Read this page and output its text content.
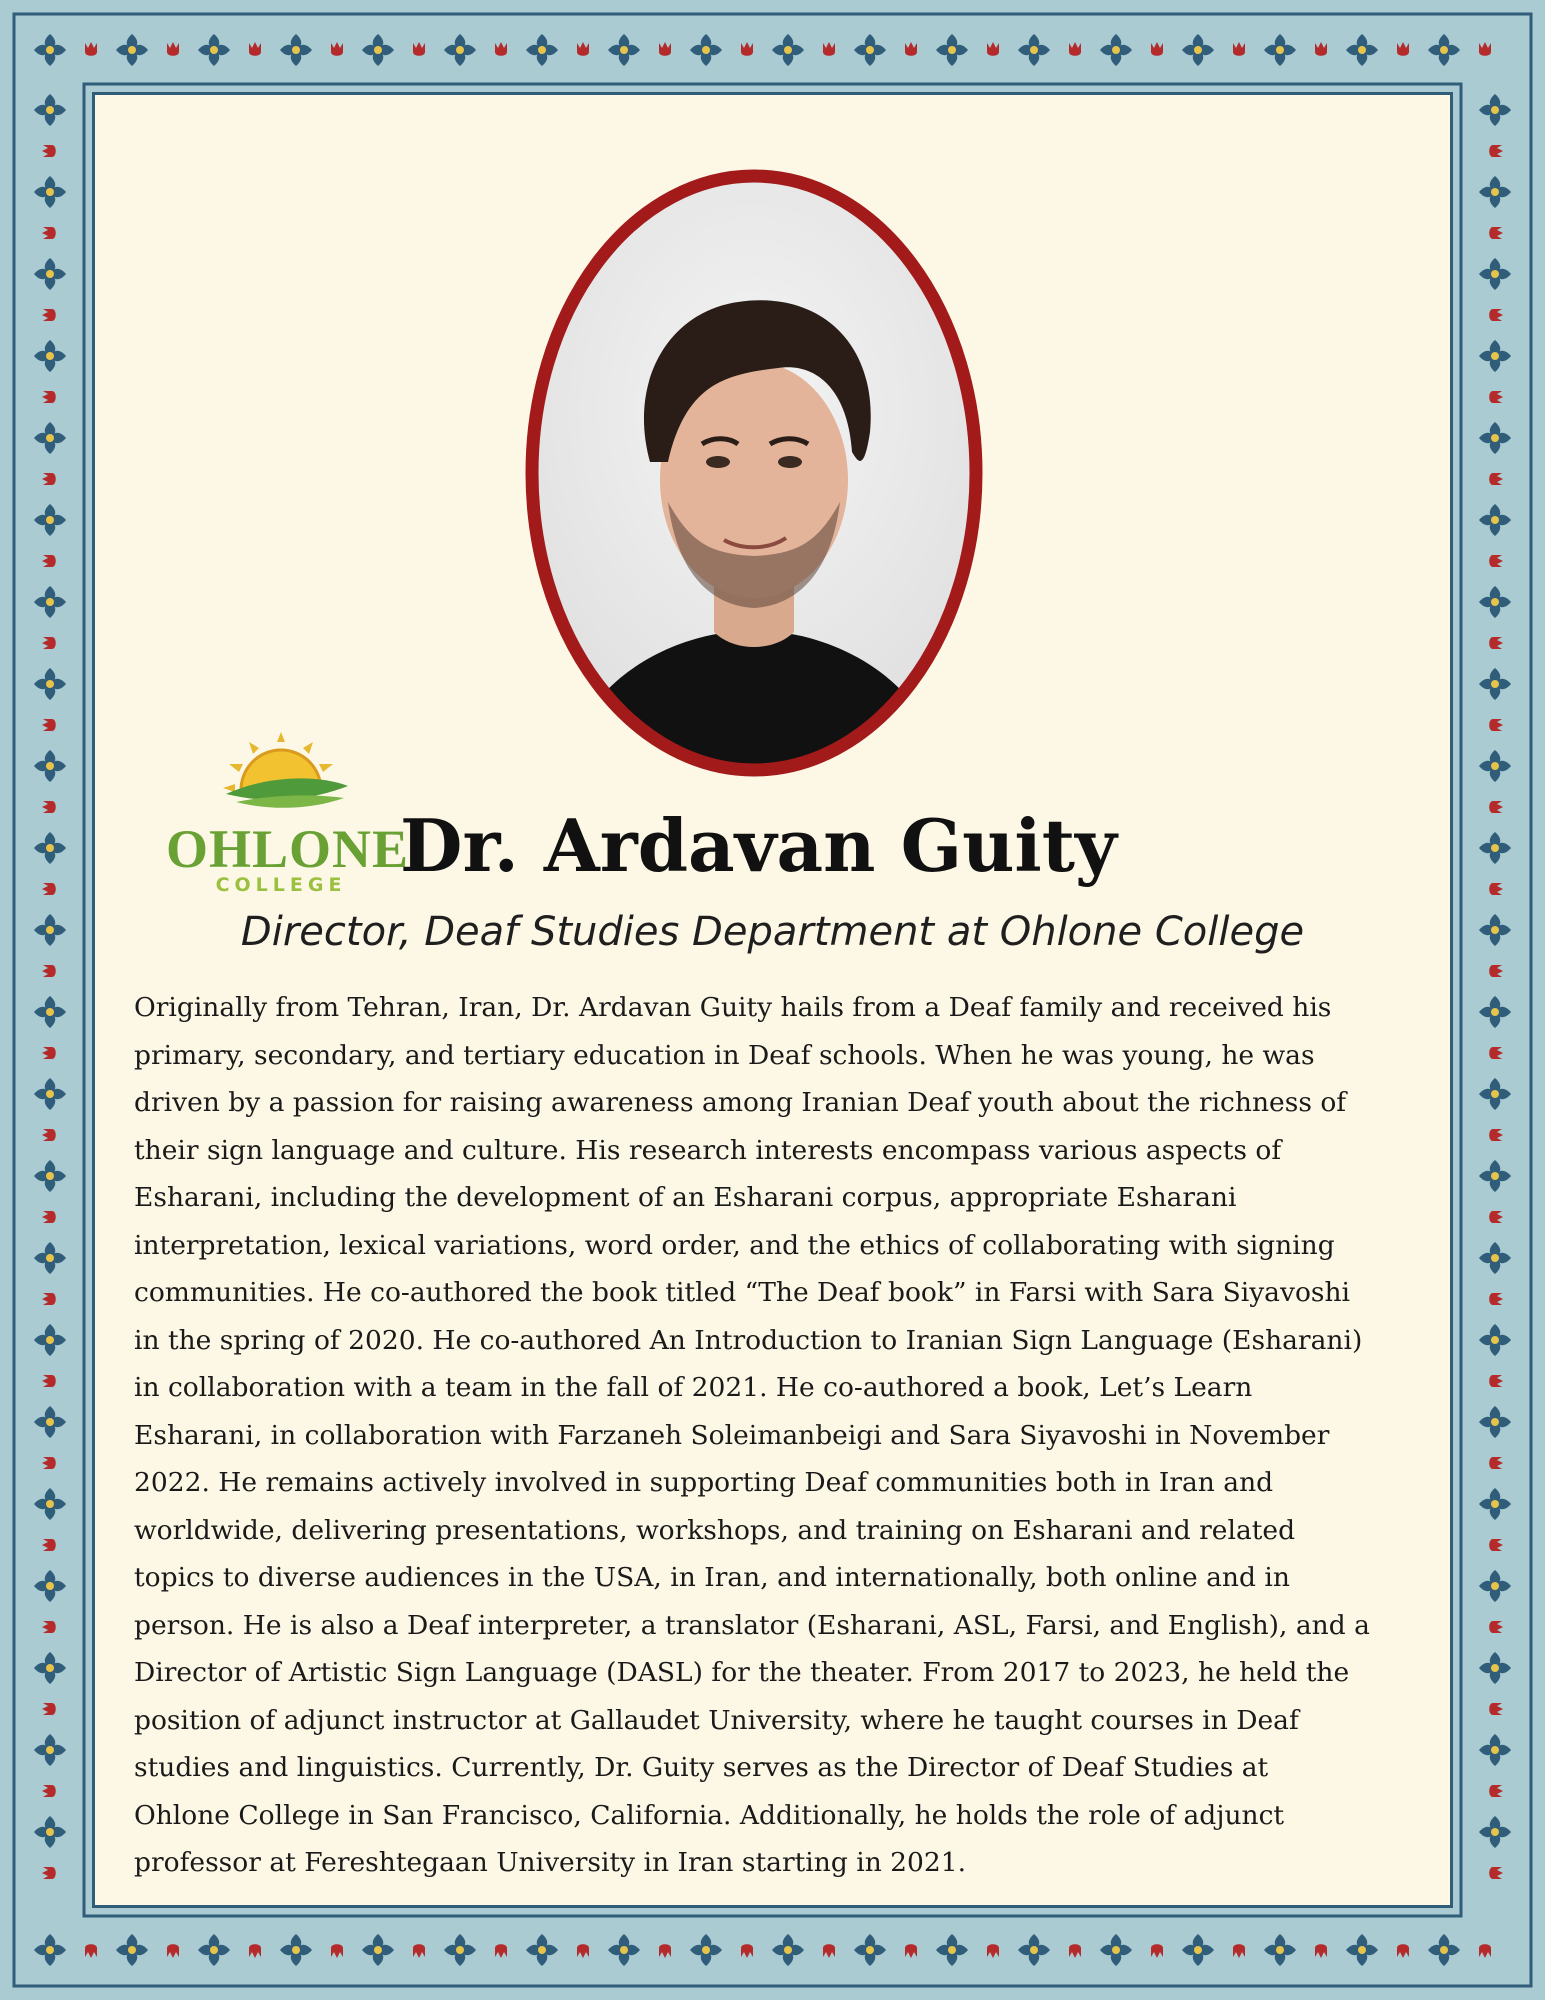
OHLONE
COLLEGE Dr. Ardavan Guity
Director, Deaf Studies Department at Ohlone College
Originally from Tehran, Iran, Dr. Ardavan Guity hails from a Deaf family and received his
primary, secondary, and tertiary education in Deaf schools. When he was young, he was
driven by a passion for raising awareness among Iranian Deaf youth about the richness of
their sign language and culture. His research interests encompass various aspects of
Esharani, including the development of an Esharani corpus, appropriate Esharani
interpretation, lexical variations, word order, and the ethics of collaborating with signing
communities. He co-authored the book titled “The Deaf book” in Farsi with Sara Siyavoshi
in the spring of 2020. He co-authored An Introduction to Iranian Sign Language (Esharani)
in collaboration with a team in the fall of 2021. He co-authored a book, Let’s Learn
Esharani, in collaboration with Farzaneh Soleimanbeigi and Sara Siyavoshi in November
2022. He remains actively involved in supporting Deaf communities both in Iran and
worldwide, delivering presentations, workshops, and training on Esharani and related
topics to diverse audiences in the USA, in Iran, and internationally, both online and in
person. He is also a Deaf interpreter, a translator (Esharani, ASL, Farsi, and English), and a
Director of Artistic Sign Language (DASL) for the theater. From 2017 to 2023, he held the
position of adjunct instructor at Gallaudet University, where he taught courses in Deaf
studies and linguistics. Currently, Dr. Guity serves as the Director of Deaf Studies at
Ohlone College in San Francisco, California. Additionally, he holds the role of adjunct
professor at Fereshtegaan University in Iran starting in 2021.
